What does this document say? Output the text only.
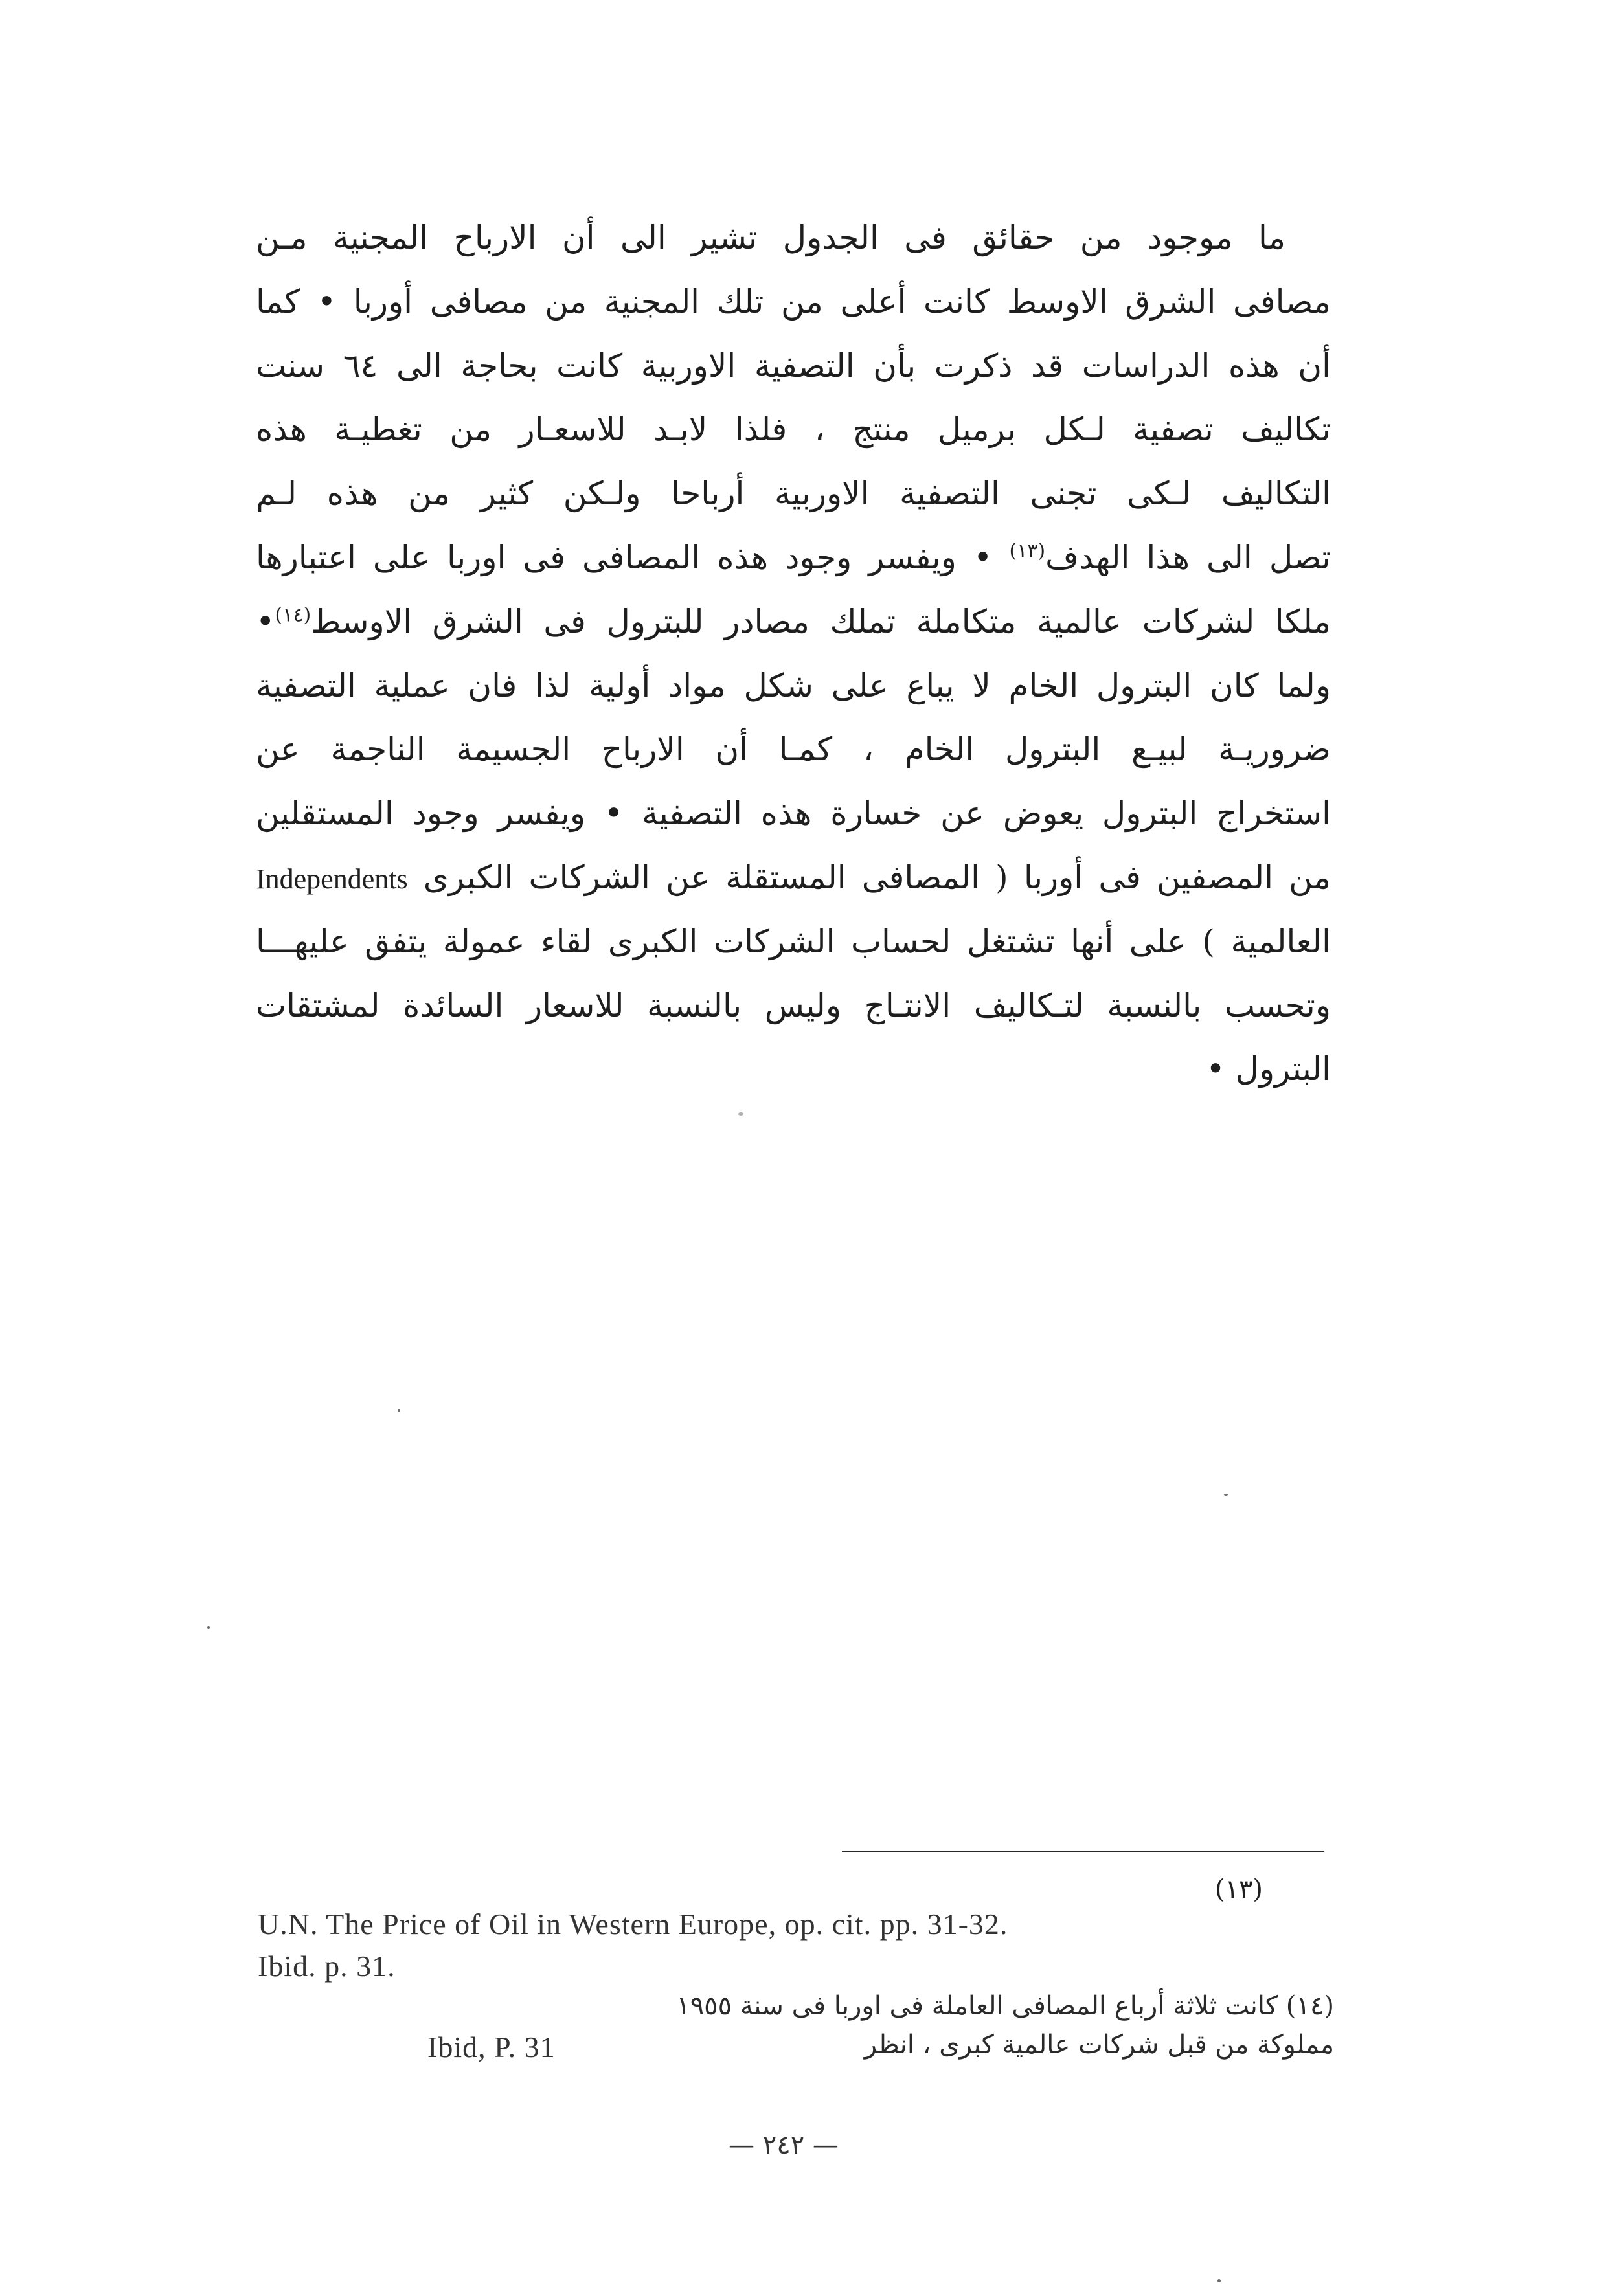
ما موجود من حقائق فى الجدول تشير الى أن الارباح المجنية مـن
مصافى الشرق الاوسط كانت أعلى من تلك المجنية من مصافى أوربا • كما
أن هذه الدراسات قد ذكرت بأن التصفية الاوربية كانت بحاجة الى ٦٤ سنت
تكاليف تصفية لـكل برميل منتج ، فلذا لابـد للاسعـار من تغطيـة هذه
التكاليف لـكى تجنى التصفية الاوربية أرباحا ولـكن كثير من هذه لـم
تصل الى هذا الهدف$^{(١٣)}$ • ويفسر وجود هذه المصافى فى اوربا على اعتبارها
ملكا لشركات عالمية متكاملة تملك مصادر للبترول فى الشرق الاوسط$^{(١٤)}$•
ولما كان البترول الخام لا يباع على شكل مواد أولية لذا فان عملية التصفية
ضروريـة لبيـع البترول الخام ، كمـا أن الارباح الجسيمة الناجمة عن
استخراج البترول يعوض عن خسارة هذه التصفية • ويفسر وجود المستقلين
من المصفين فى أوربا ( المصافى المستقلة عن الشركات الكبرى Independents
العالمية ) على أنها تشتغل لحساب الشركات الكبرى لقاء عمولة يتفق عليهـــا
وتحسب بالنسبة لتـكاليف الانتـاج وليس بالنسبة للاسعار السائدة لمشتقات
البترول •
(١٣)
U.N. The Price of Oil in Western Europe, op. cit. pp. 31-32.
Ibid. p. 31.
(١٤) كانت ثلاثة أرباع المصافى العاملة فى اوربا فى سنة ١٩٥٥
مملوكة من قبل شركات عالمية كبرى ، انظر
Ibid, P. 31
— ٢٤٢ —
